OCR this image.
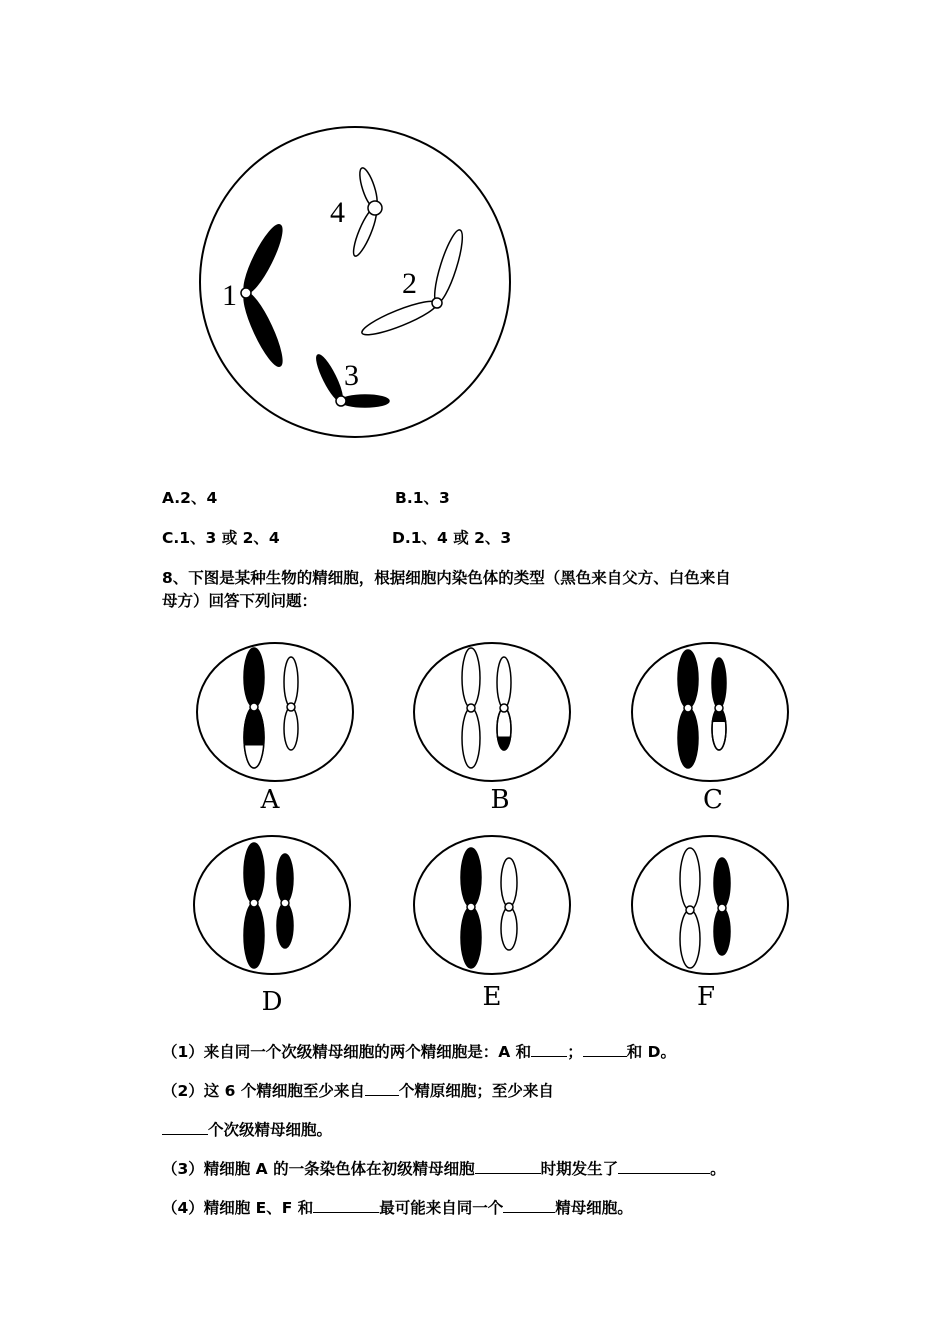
1	2
3
4
A	B	C
D	E	F
A.2、4	B.1、3
C.1、3 或 2、4	D.1、4 或 2、3
8、下图是某种生物的精细胞，根据细胞内染色体的类型（黑色来自父方、白色来自
母方）回答下列问题：
（1）来自同一个次级精母细胞的两个精细胞是：A 和 ；	和 D。
（2）这 6 个精细胞至少来自 个精原细胞；至少来自
个次级精母细胞。
（3）精细胞 A 的一条染色体在初级精母细胞	时期发生了	。
（4）精细胞 E、F 和	最可能来自同一个	精母细胞。
